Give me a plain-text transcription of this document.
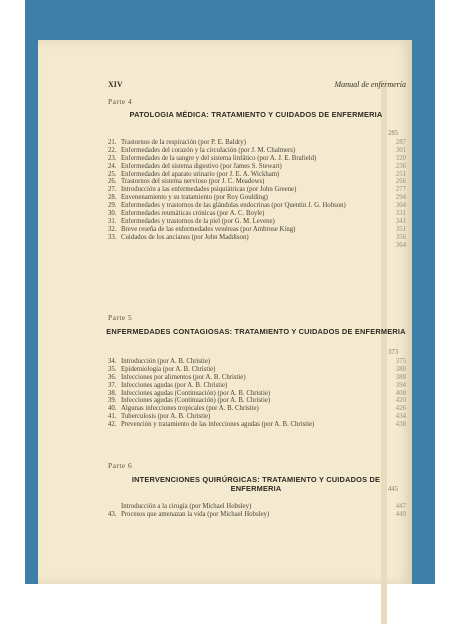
XIV	Manual de enfermería
Parte 4
PATOLOGIA MÉDICA: TRATAMIENTO Y CUIDADOS DE ENFERMERIA
285
21. Trastornos de la respiración (por P. E. Baldry)	287
22. Enfermedades del corazón y la circulación (por J. M. Chalmers)	301
23. Enfermedades de la sangre y del sistema linfático (por A. J. E. Brafield)	320
24. Enfermedades del sistema digestivo (por James S. Stewart)	236
25. Enfermedades del aparato urinario (por J. E. A. Wickham)	251
26. Trastornos del sistema nervioso (por J. C. Meadows)	266
27. Introducción a las enfermedades psiquiátricas (por John Greene)	277
28. Envenenamiento y su tratamiento (por Roy Goulding)	294
29. Enfermedades y trastornos de las glándulas endocrinas (por Quentin J. G. Hobson)	304
30. Enfermedades reumáticas crónicas (por A. C. Boyle)	331
31. Enfermedades y trastornos de la piel (por G. M. Levene)	341
32. Breve reseña de las enfermedades venéreas (por Ambrose King)	351
33. Cuidados de los ancianos (por John Maddison)	356
364
Parte 5
ENFERMEDADES CONTAGIOSAS: TRATAMIENTO Y CUIDADOS DE ENFERMERIA
373
34. Introducción (por A. B. Christie)	375
35. Epidemiología (por A. B. Christie)	380
36. Infecciones por alimentos (por A. B. Christie)	388
37. Infecciones agudas (por A. B. Christie)	394
38. Infecciones agudas (Continuación) (por A. B. Christie)	408
39. Infecciones agudas (Continuación) (por A. B. Christie)	420
40. Algunas infecciones tropicales (por A. B. Christie)	426
41. Tuberculosis (por A. B. Christie)	434
42. Prevención y tratamiento de las infecciones agudas (por A. B. Christie)	438
Parte 6
INTERVENCIONES QUIRÚRGICAS: TRATAMIENTO Y CUIDADOS DE ENFERMERIA	445
Introducción a la cirugía (por Michael Hobsley)	447
43. Procesos que amenazan la vida (por Michael Hobsley)	449
